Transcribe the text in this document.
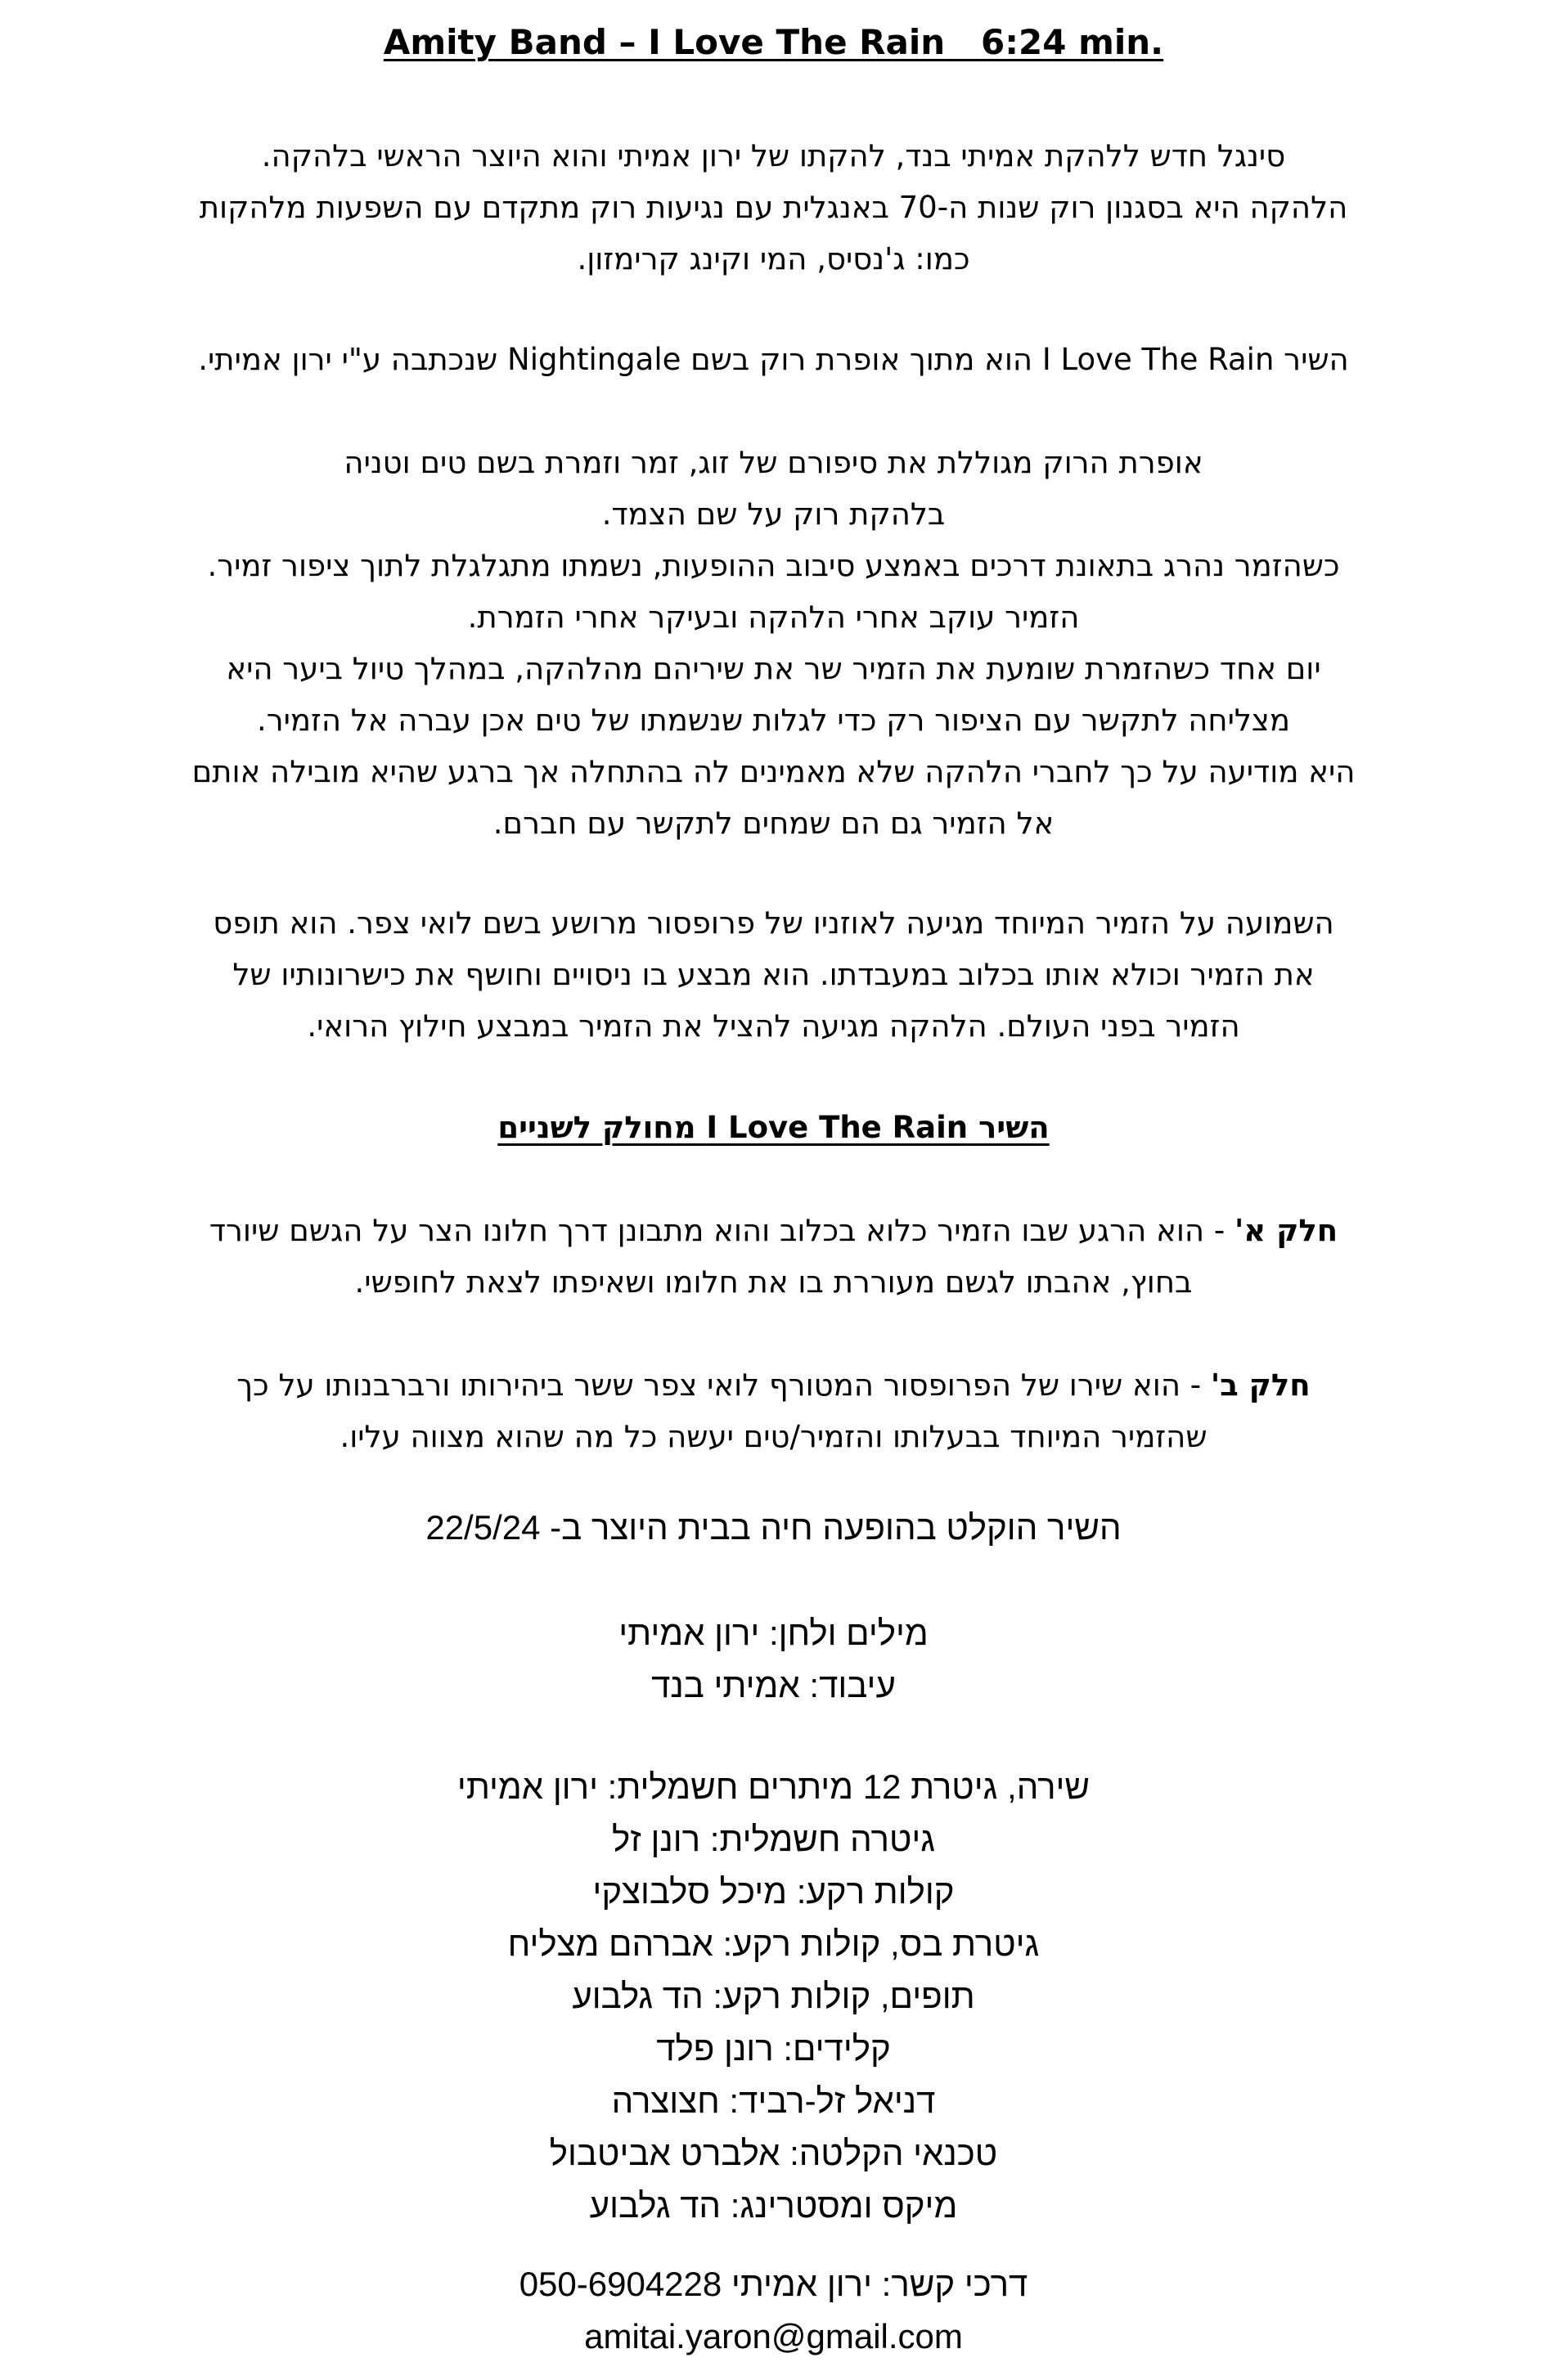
Amity Band – I Love The Rain 6:24 min.
סינגל חדש ללהקת אמיתי בנד, להקתו של ירון אמיתי והוא היוצר הראשי בלהקה.
הלהקה היא בסגנון רוק שנות ה-70 באנגלית עם נגיעות רוק מתקדם עם השפעות מלהקות
כמו: ג'נסיס, המי וקינג קרימזון.
השיר I Love The Rain הוא מתוך אופרת רוק בשם Nightingale שנכתבה ע"י ירון אמיתי.
אופרת הרוק מגוללת את סיפורם של זוג, זמר וזמרת בשם טים וטניה
בלהקת רוק על שם הצמד.
כשהזמר נהרג בתאונת דרכים באמצע סיבוב ההופעות, נשמתו מתגלגלת לתוך ציפור זמיר.
הזמיר עוקב אחרי הלהקה ובעיקר אחרי הזמרת.
יום אחד כשהזמרת שומעת את הזמיר שר את שיריהם מהלהקה, במהלך טיול ביער היא
מצליחה לתקשר עם הציפור רק כדי לגלות שנשמתו של טים אכן עברה אל הזמיר.
היא מודיעה על כך לחברי הלהקה שלא מאמינים לה בהתחלה אך ברגע שהיא מובילה אותם
אל הזמיר גם הם שמחים לתקשר עם חברם.
השמועה על הזמיר המיוחד מגיעה לאוזניו של פרופסור מרושע בשם לואי צפר. הוא תופס
את הזמיר וכולא אותו בכלוב במעבדתו. הוא מבצע בו ניסויים וחושף את כישרונותיו של
הזמיר בפני העולם. הלהקה מגיעה להציל את הזמיר במבצע חילוץ הרואי.
השיר I Love The Rain מחולק לשניים
חלק א' - הוא הרגע שבו הזמיר כלוא בכלוב והוא מתבונן דרך חלונו הצר על הגשם שיורד
בחוץ, אהבתו לגשם מעוררת בו את חלומו ושאיפתו לצאת לחופשי.
חלק ב' - הוא שירו של הפרופסור המטורף לואי צפר ששר ביהירותו ורברבנותו על כך
שהזמיר המיוחד בבעלותו והזמיר/טים יעשה כל מה שהוא מצווה עליו.
השיר הוקלט בהופעה חיה בבית היוצר ב- 22/5/24
מילים ולחן: ירון אמיתי
עיבוד: אמיתי בנד
שירה, גיטרת 12 מיתרים חשמלית: ירון אמיתי
גיטרה חשמלית: רונן זל
קולות רקע: מיכל סלבוצקי
גיטרת בס, קולות רקע: אברהם מצליח
תופים, קולות רקע: הד גלבוע
קלידים: רונן פלד
דניאל זל-רביד: חצוצרה
טכנאי הקלטה: אלברט אביטבול
מיקס ומסטרינג: הד גלבוע
דרכי קשר: ירון אמיתי 050-6904228
amitai.yaron@gmail.com
